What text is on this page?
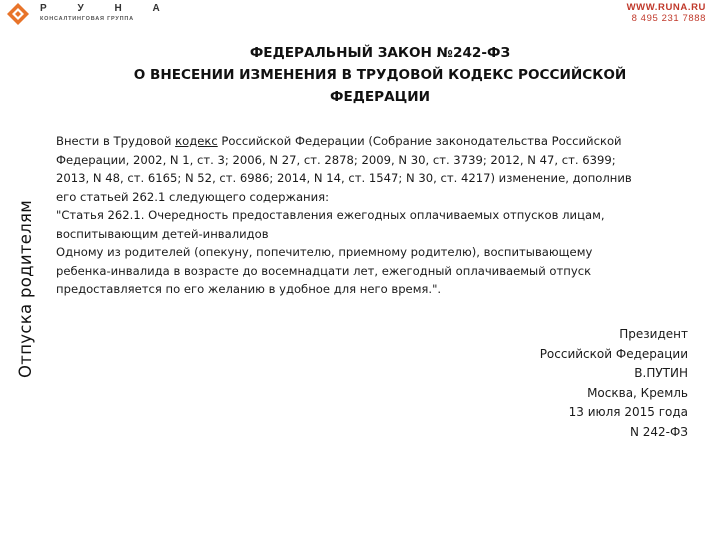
Р У Н А
КОНСАЛТИНГОВАЯ ГРУППА
WWW.RUNA.RU
8 495 231 7888
Отпуска родителям
ФЕДЕРАЛЬНЫЙ ЗАКОН №242-ФЗ
О ВНЕСЕНИИ ИЗМЕНЕНИЯ В ТРУДОВОЙ КОДЕКС РОССИЙСКОЙ
ФЕДЕРАЦИИ
Внести в Трудовой кодекс Российской Федерации (Собрание законодательства Российской
Федерации, 2002, N 1, ст. 3; 2006, N 27, ст. 2878; 2009, N 30, ст. 3739; 2012, N 47, ст. 6399;
2013, N 48, ст. 6165; N 52, ст. 6986; 2014, N 14, ст. 1547; N 30, ст. 4217) изменение, дополнив
его статьей 262.1 следующего содержания:
"Статья 262.1. Очередность предоставления ежегодных оплачиваемых отпусков лицам,
воспитывающим детей-инвалидов
Одному из родителей (опекуну, попечителю, приемному родителю), воспитывающему
ребенка-инвалида в возрасте до восемнадцати лет, ежегодный оплачиваемый отпуск
предоставляется по его желанию в удобное для него время.".
Президент
Российской Федерации
В.ПУТИН
Москва, Кремль
13 июля 2015 года
N 242-ФЗ
